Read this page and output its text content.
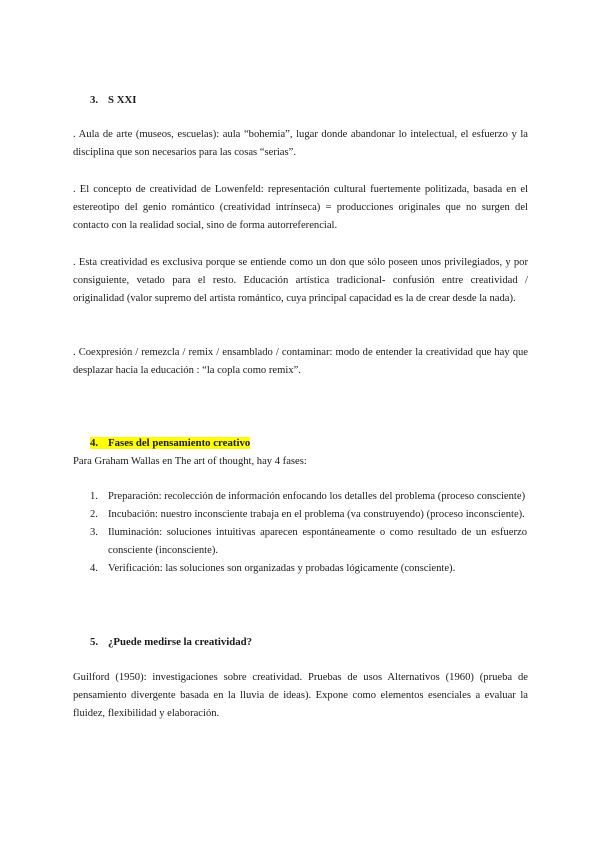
3. S XXI

. Aula de arte (museos, escuelas): aula “bohemia”, lugar donde abandonar lo intelectual, el esfuerzo y la disciplina que son necesarios para las cosas “serias”.

. El concepto de creatividad de Lowenfeld: representación cultural fuertemente politizada, basada en el estereotipo del genio romántico (creatividad intrínseca) = producciones originales que no surgen del contacto con la realidad social, sino de forma autorreferencial.

. Esta creatividad es exclusiva porque se entiende como un don que sólo poseen unos privilegiados, y por consiguiente, vetado para el resto. Educación artística tradicional- confusión entre creatividad / originalidad (valor supremo del artista romántico, cuya principal capacidad es la de crear desde la nada).

. Coexpresión / remezcla / remix / ensamblado / contaminar: modo de entender la creatividad que hay que desplazar hacia la educación : “la copla como remix”.

4. Fases del pensamiento creativo

Para Graham Wallas en The art of thought, hay 4 fases:

1. Preparación: recolección de información enfocando los detalles del problema (proceso consciente)
2. Incubación: nuestro inconsciente trabaja en el problema (va construyendo) (proceso inconsciente).
3. Iluminación: soluciones intuitivas aparecen espontáneamente o como resultado de un esfuerzo consciente (inconsciente).
4. Verificación: las soluciones son organizadas y probadas lógicamente (consciente).
5. ¿Puede medirse la creatividad?

Guilford (1950): investigaciones sobre creatividad. Pruebas de usos Alternativos (1960) (prueba de pensamiento divergente basada en la lluvia de ideas). Expone como elementos esenciales a evaluar la fluidez, flexibilidad y elaboración.
